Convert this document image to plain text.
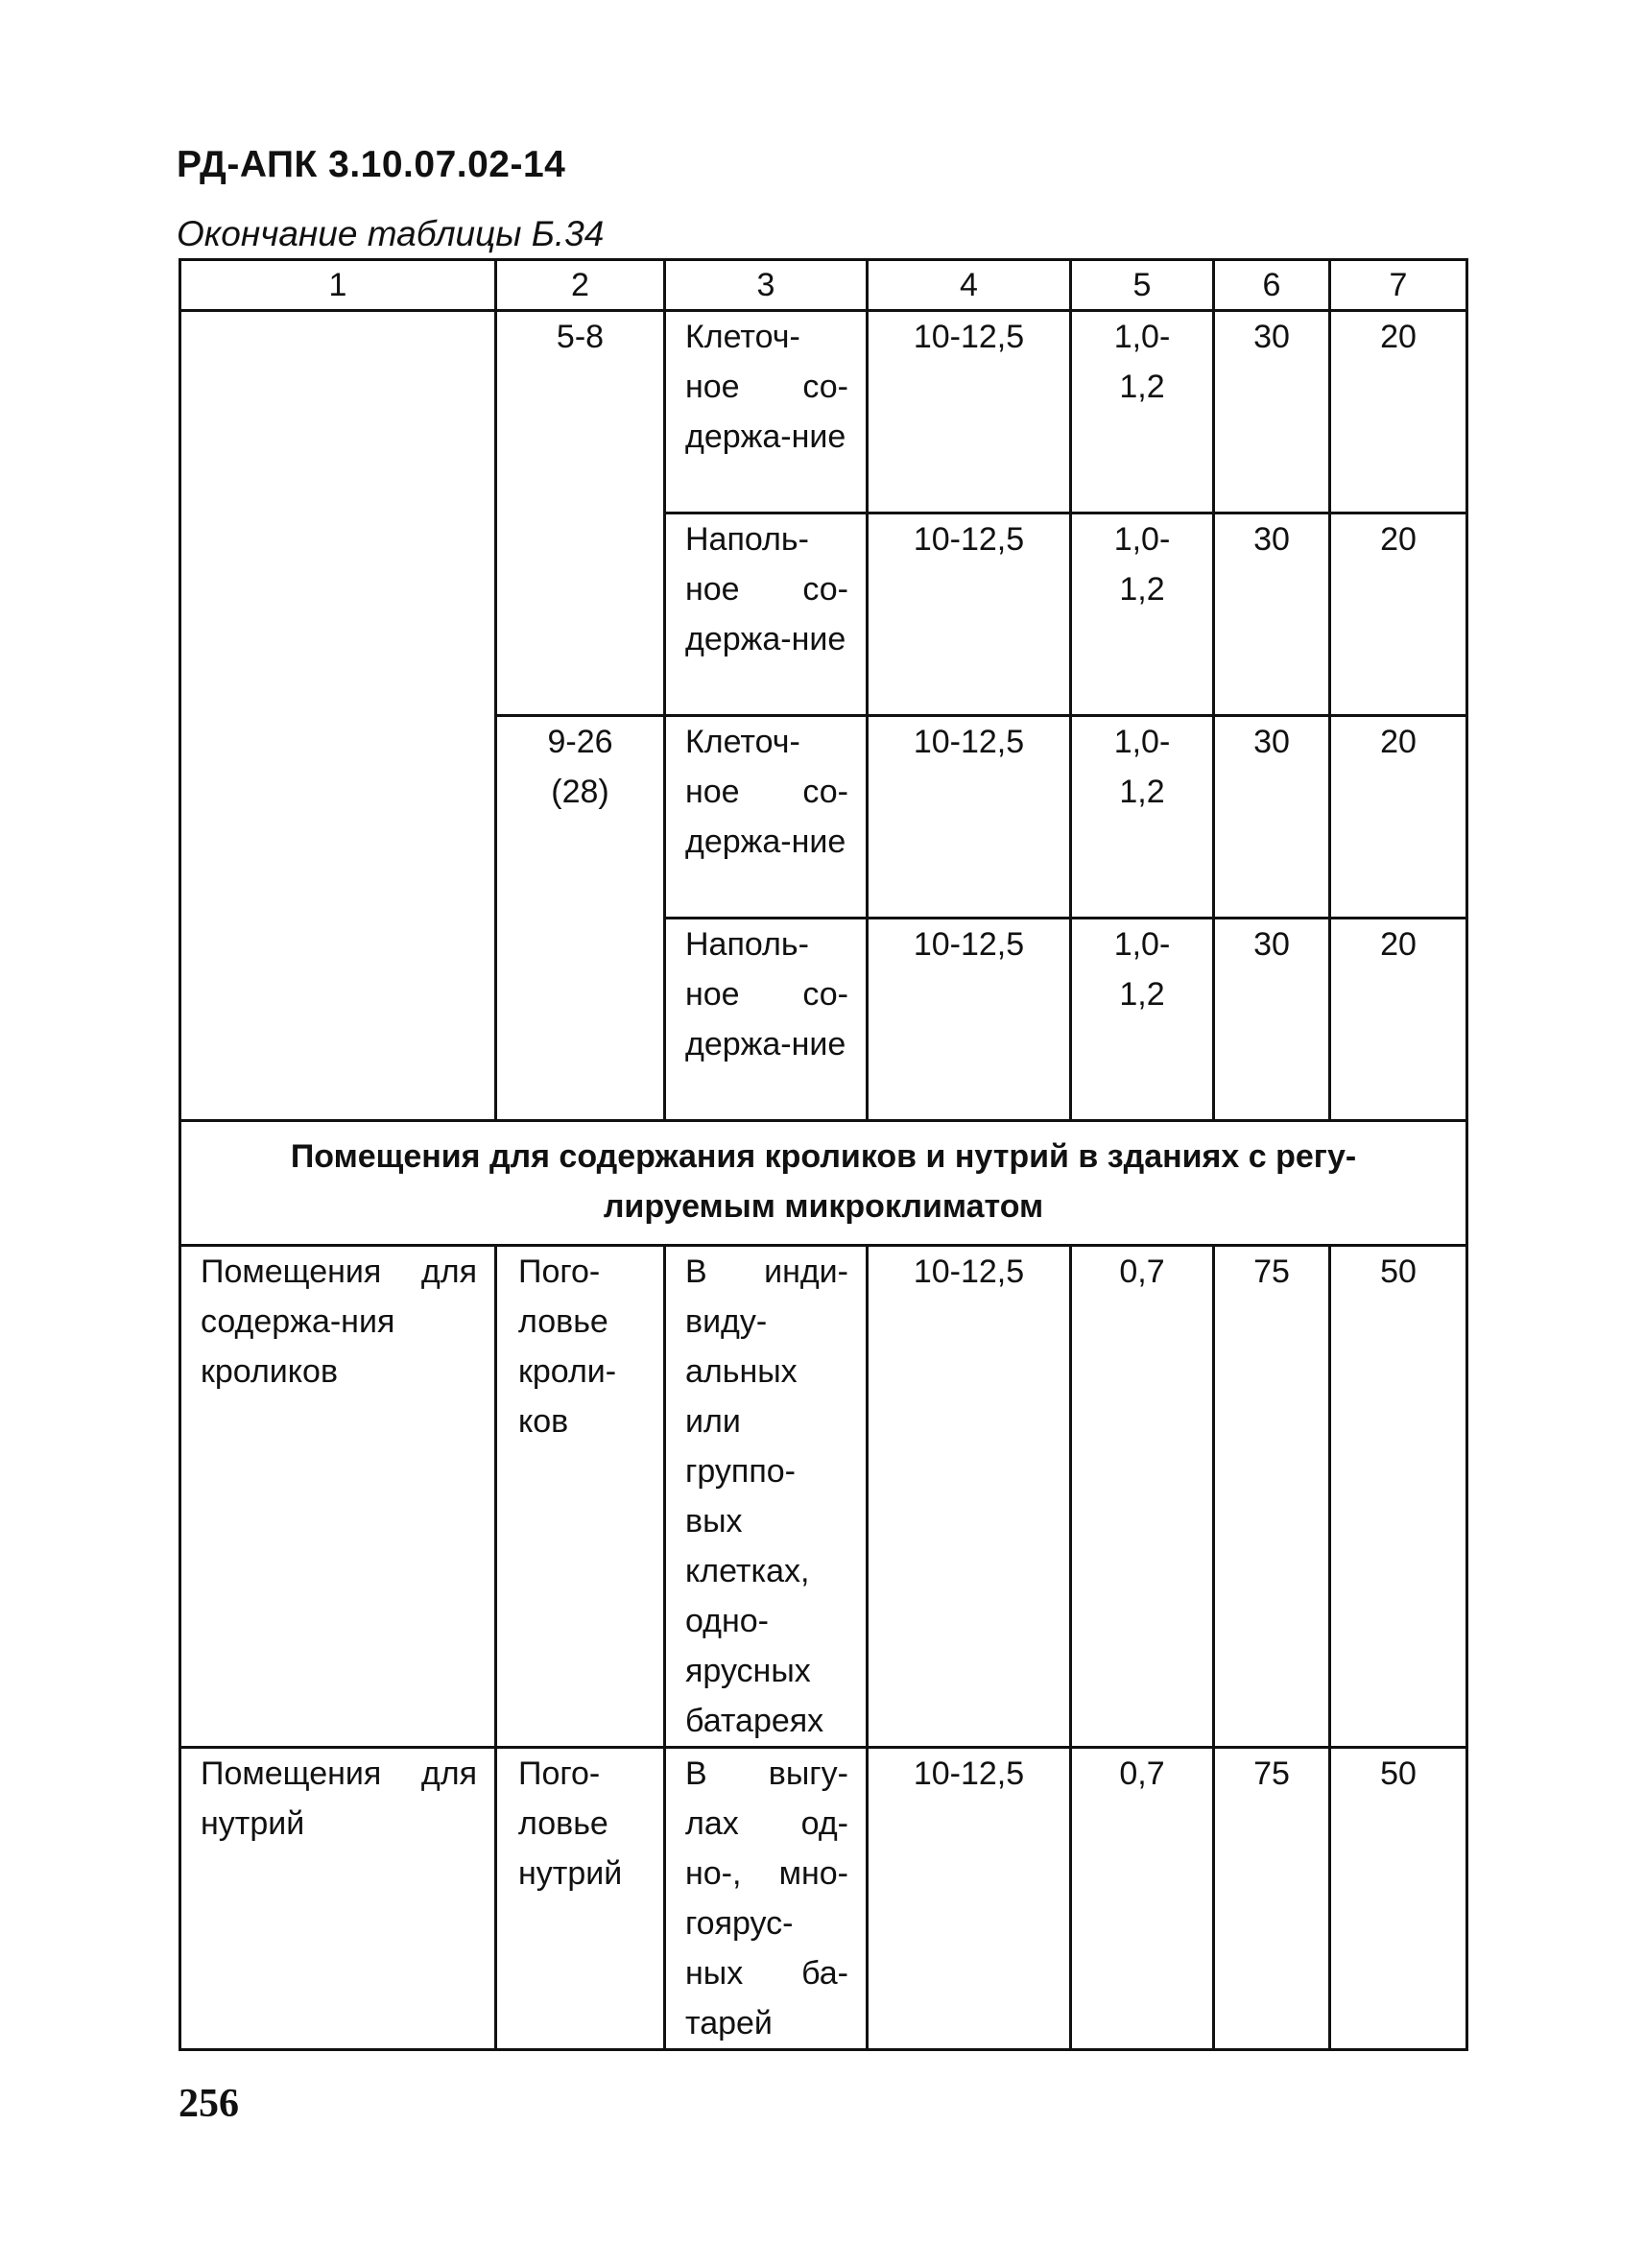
РД-АПК 3.10.07.02-14
Окончание таблицы Б.34
1	2	3	4	5	6	7
	5-8	Клеточ-ное со-держа-ние	10-12,5	1,0-1,2	30	20
		Наполь-ное со-держа-ние	10-12,5	1,0-1,2	30	20
	9-26 (28)	Клеточ-ное со-держа-ние	10-12,5	1,0-1,2	30	20
		Наполь-ное со-держа-ние	10-12,5	1,0-1,2	30	20
Помещения для содержания кроликов и нутрий в зданиях с регу-лируемым микроклиматом						
Помещения для содержа-ния кроликов	Пого-ловье кроли-ков	В инди-виду-альных или группо-вых клетках, одно-ярусных батареях	10-12,5	0,7	75	50
Помещения для нутрий	Пого-ловье нутрий	В выгу-лах од-но-, мно-гоярус-ных ба-тарей	10-12,5	0,7	75	50
256
